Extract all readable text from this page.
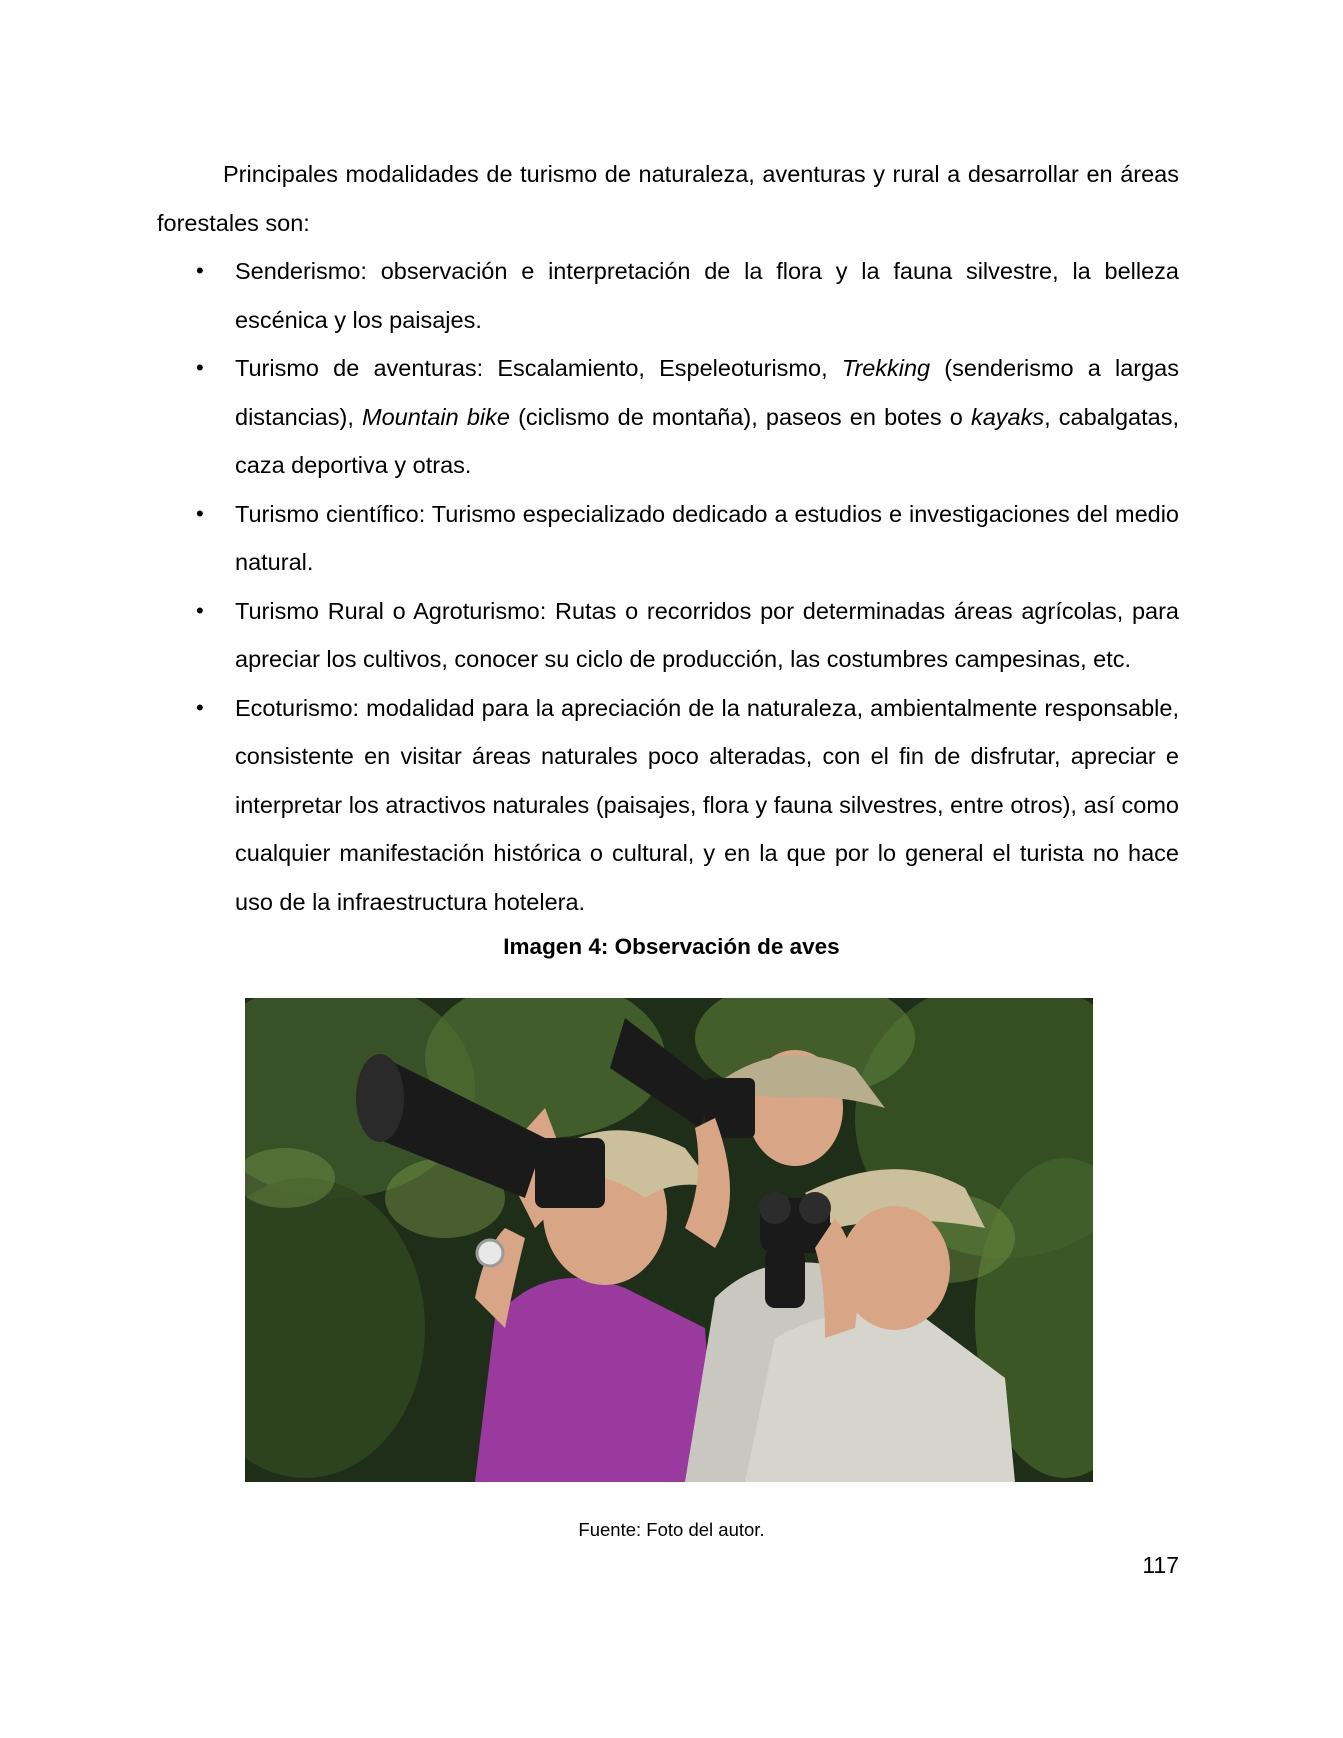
Principales modalidades de turismo de naturaleza, aventuras y rural a desarrollar en áreas forestales son:

•	Senderismo: observación e interpretación de la flora y la fauna silvestre, la belleza escénica y los paisajes.
•	Turismo de aventuras: Escalamiento, Espeleoturismo, Trekking (senderismo a largas distancias), Mountain bike (ciclismo de montaña), paseos en botes o kayaks, cabalgatas, caza deportiva y otras.
•	Turismo científico: Turismo especializado dedicado a estudios e investigaciones del medio natural.
•	Turismo Rural o Agroturismo: Rutas o recorridos por determinadas áreas agrícolas, para apreciar los cultivos, conocer su ciclo de producción, las costumbres campesinas, etc.
•	Ecoturismo: modalidad para la apreciación de la naturaleza, ambientalmente responsable, consistente en visitar áreas naturales poco alteradas, con el fin de disfrutar, apreciar e interpretar los atractivos naturales (paisajes, flora y fauna silvestres, entre otros), así como cualquier manifestación histórica o cultural, y en la que por lo general el turista no hace uso de la infraestructura hotelera.
Imagen 4: Observación de aves
Fuente: Foto del autor.
117
